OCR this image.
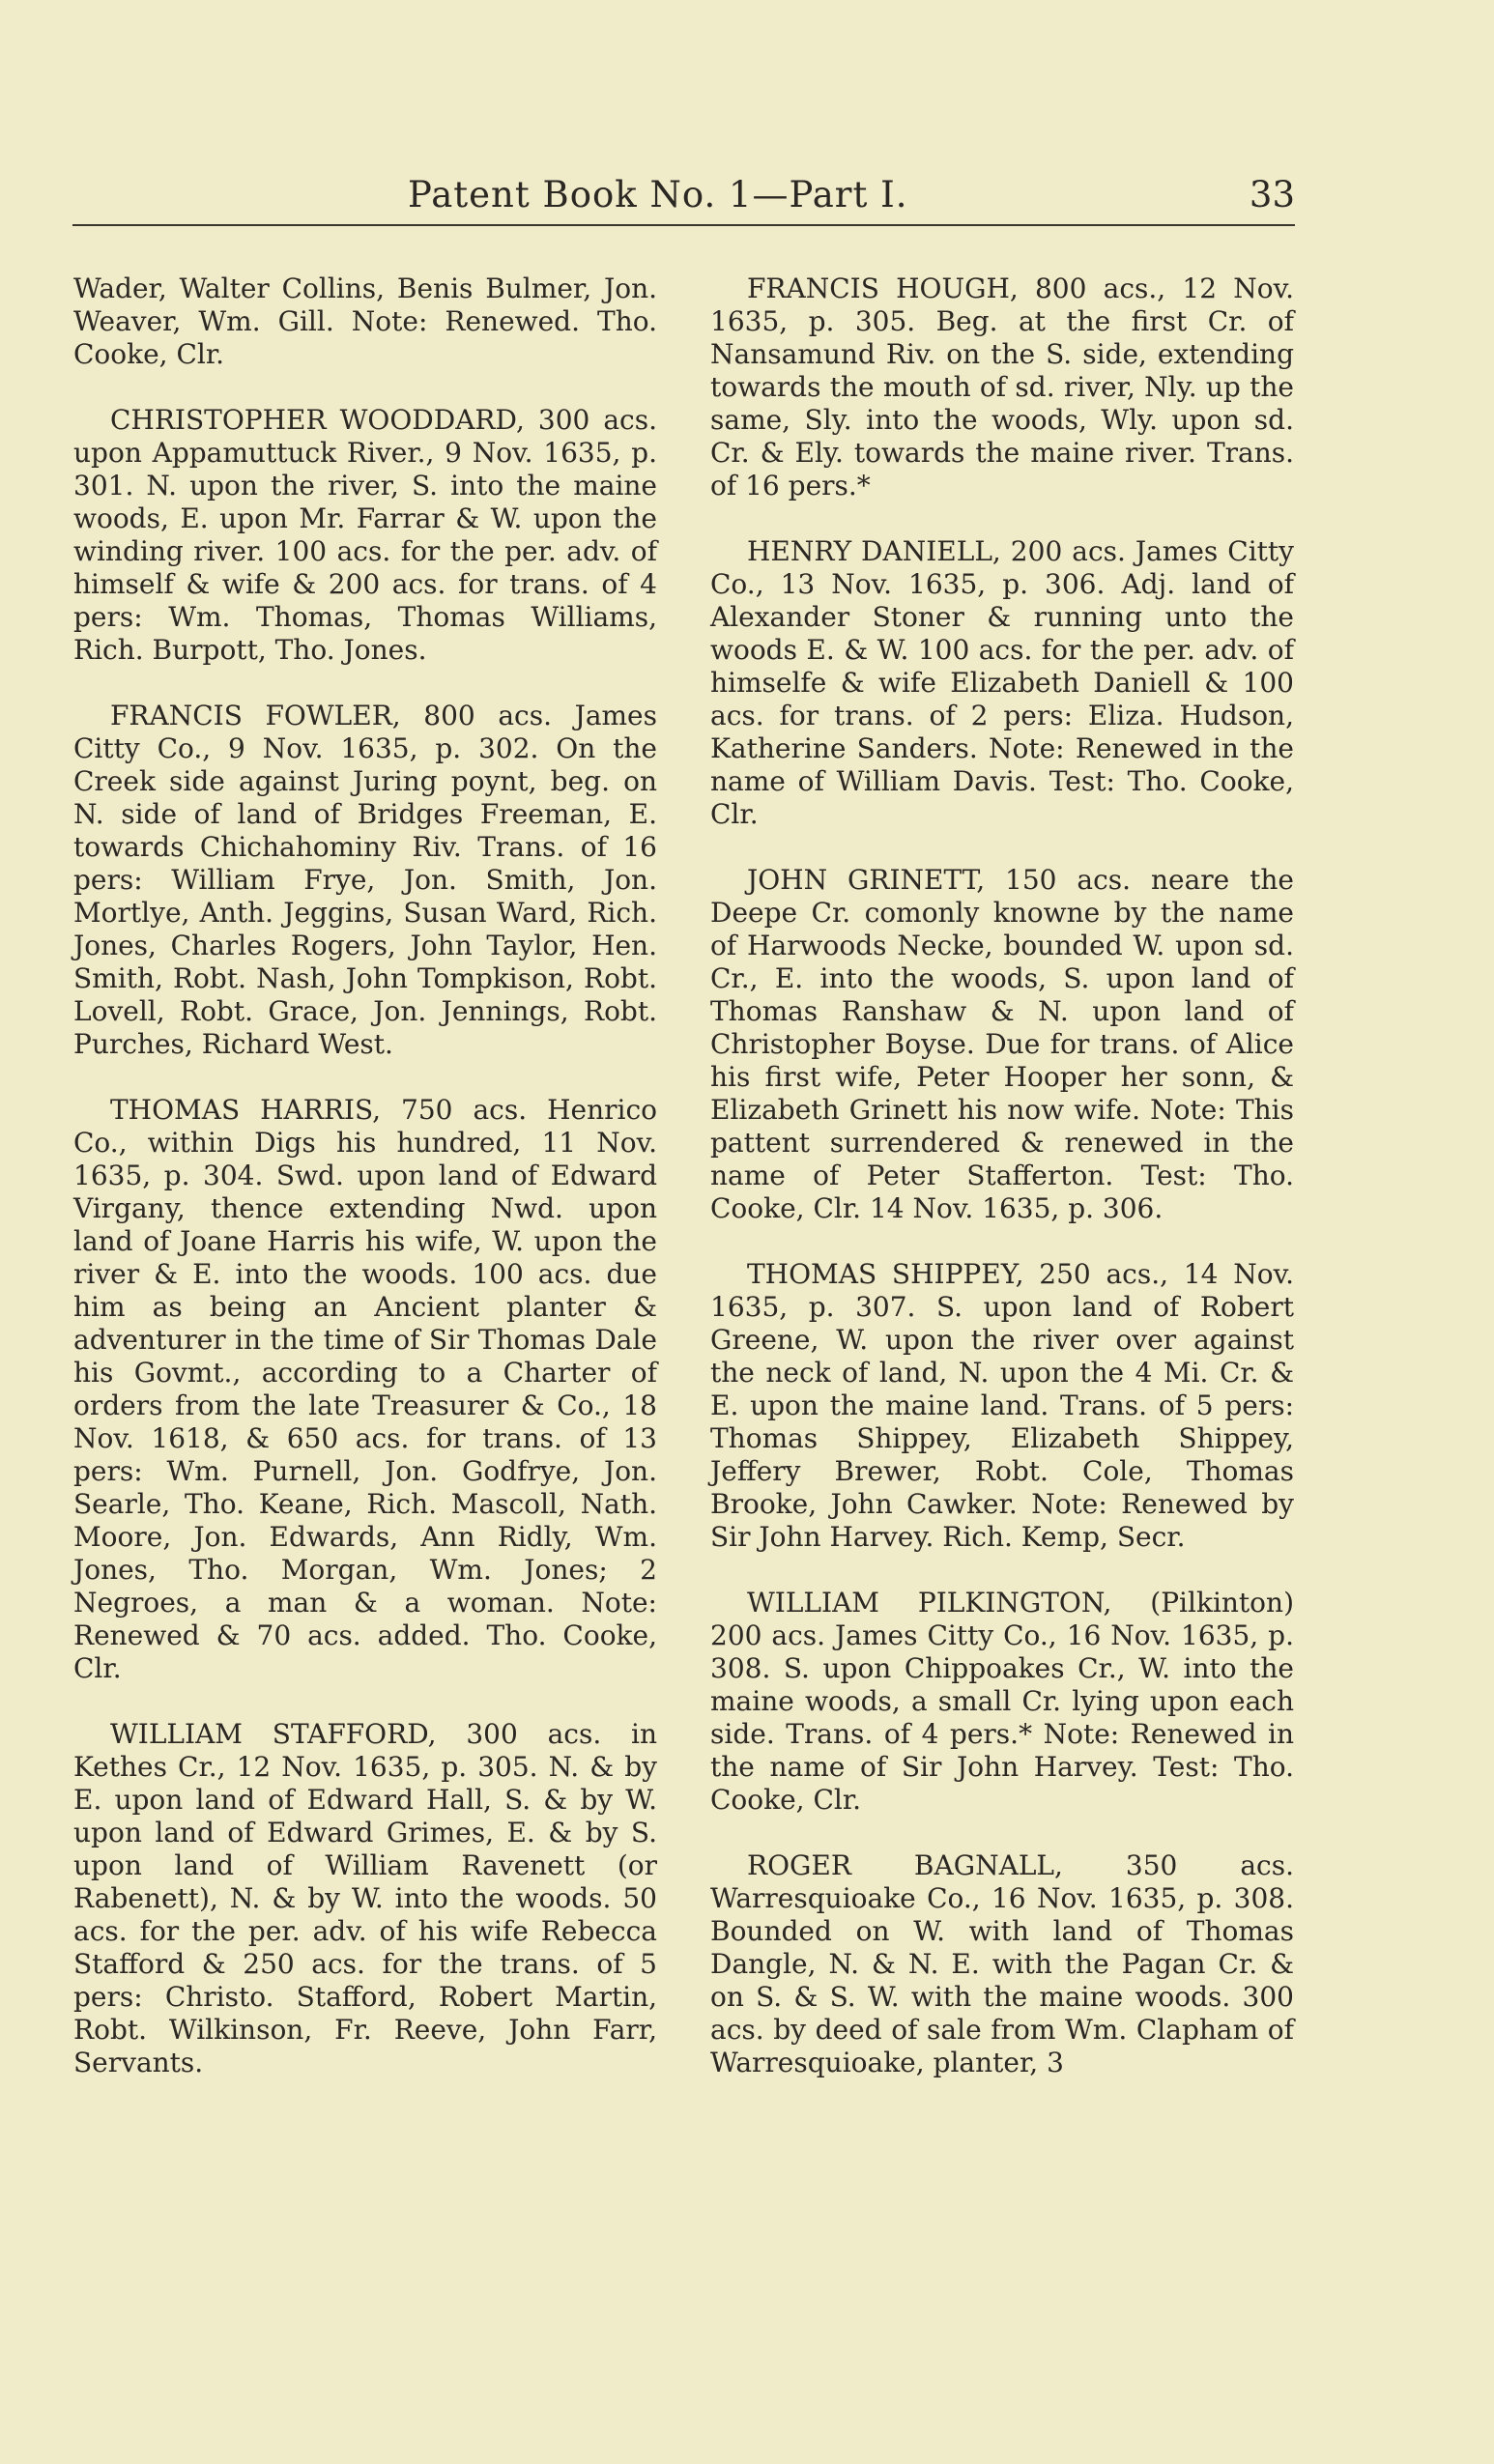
Patent Book No. 1—Part I.	33

Wader, Walter Collins, Benis Bulmer, Jon. Weaver, Wm. Gill. Note: Renewed. Tho. Cooke, Clr.

CHRISTOPHER WOODDARD, 300 acs. upon Appamuttuck River., 9 Nov. 1635, p. 301. N. upon the river, S. into the maine woods, E. upon Mr. Farrar & W. upon the winding river. 100 acs. for the per. adv. of himself & wife & 200 acs. for trans. of 4 pers: Wm. Thomas, Thomas Williams, Rich. Burpott, Tho. Jones.

FRANCIS FOWLER, 800 acs. James Citty Co., 9 Nov. 1635, p. 302. On the Creek side against Juring poynt, beg. on N. side of land of Bridges Freeman, E. towards Chichahominy Riv. Trans. of 16 pers: William Frye, Jon. Smith, Jon. Mortlye, Anth. Jeggins, Susan Ward, Rich. Jones, Charles Rogers, John Taylor, Hen. Smith, Robt. Nash, John Tompkison, Robt. Lovell, Robt. Grace, Jon. Jennings, Robt. Purches, Richard West.

THOMAS HARRIS, 750 acs. Henrico Co., within Digs his hundred, 11 Nov. 1635, p. 304. Swd. upon land of Edward Virgany, thence extending Nwd. upon land of Joane Harris his wife, W. upon the river & E. into the woods. 100 acs. due him as being an Ancient planter & adventurer in the time of Sir Thomas Dale his Govmt., according to a Charter of orders from the late Treasurer & Co., 18 Nov. 1618, & 650 acs. for trans. of 13 pers: Wm. Purnell, Jon. Godfrye, Jon. Searle, Tho. Keane, Rich. Mascoll, Nath. Moore, Jon. Edwards, Ann Ridly, Wm. Jones, Tho. Morgan, Wm. Jones; 2 Negroes, a man & a woman. Note: Renewed & 70 acs. added. Tho. Cooke, Clr.

WILLIAM STAFFORD, 300 acs. in Kethes Cr., 12 Nov. 1635, p. 305. N. & by E. upon land of Edward Hall, S. & by W. upon land of Edward Grimes, E. & by S. upon land of William Ravenett (or Rabenett), N. & by W. into the woods. 50 acs. for the per. adv. of his wife Rebecca Stafford & 250 acs. for the trans. of 5 pers: Christo. Stafford, Robert Martin, Robt. Wilkinson, Fr. Reeve, John Farr, Servants.

FRANCIS HOUGH, 800 acs., 12 Nov. 1635, p. 305. Beg. at the first Cr. of Nansamund Riv. on the S. side, extending towards the mouth of sd. river, Nly. up the same, Sly. into the woods, Wly. upon sd. Cr. & Ely. towards the maine river. Trans. of 16 pers.*

HENRY DANIELL, 200 acs. James Citty Co., 13 Nov. 1635, p. 306. Adj. land of Alexander Stoner & running unto the woods E. & W. 100 acs. for the per. adv. of himselfe & wife Elizabeth Daniell & 100 acs. for trans. of 2 pers: Eliza. Hudson, Katherine Sanders. Note: Renewed in the name of William Davis. Test: Tho. Cooke, Clr.

JOHN GRINETT, 150 acs. neare the Deepe Cr. comonly knowne by the name of Harwoods Necke, bounded W. upon sd. Cr., E. into the woods, S. upon land of Thomas Ranshaw & N. upon land of Christopher Boyse. Due for trans. of Alice his first wife, Peter Hooper her sonn, & Elizabeth Grinett his now wife. Note: This pattent surrendered & renewed in the name of Peter Stafferton. Test: Tho. Cooke, Clr. 14 Nov. 1635, p. 306.

THOMAS SHIPPEY, 250 acs., 14 Nov. 1635, p. 307. S. upon land of Robert Greene, W. upon the river over against the neck of land, N. upon the 4 Mi. Cr. & E. upon the maine land. Trans. of 5 pers: Thomas Shippey, Elizabeth Shippey, Jeffery Brewer, Robt. Cole, Thomas Brooke, John Cawker. Note: Renewed by Sir John Harvey. Rich. Kemp, Secr.

WILLIAM PILKINGTON, (Pilkinton) 200 acs. James Citty Co., 16 Nov. 1635, p. 308. S. upon Chippoakes Cr., W. into the maine woods, a small Cr. lying upon each side. Trans. of 4 pers.* Note: Renewed in the name of Sir John Harvey. Test: Tho. Cooke, Clr.

ROGER BAGNALL, 350 acs. Warresquioake Co., 16 Nov. 1635, p. 308. Bounded on W. with land of Thomas Dangle, N. & N. E. with the Pagan Cr. & on S. & S. W. with the maine woods. 300 acs. by deed of sale from Wm. Clapham of Warresquioake, planter, 3
